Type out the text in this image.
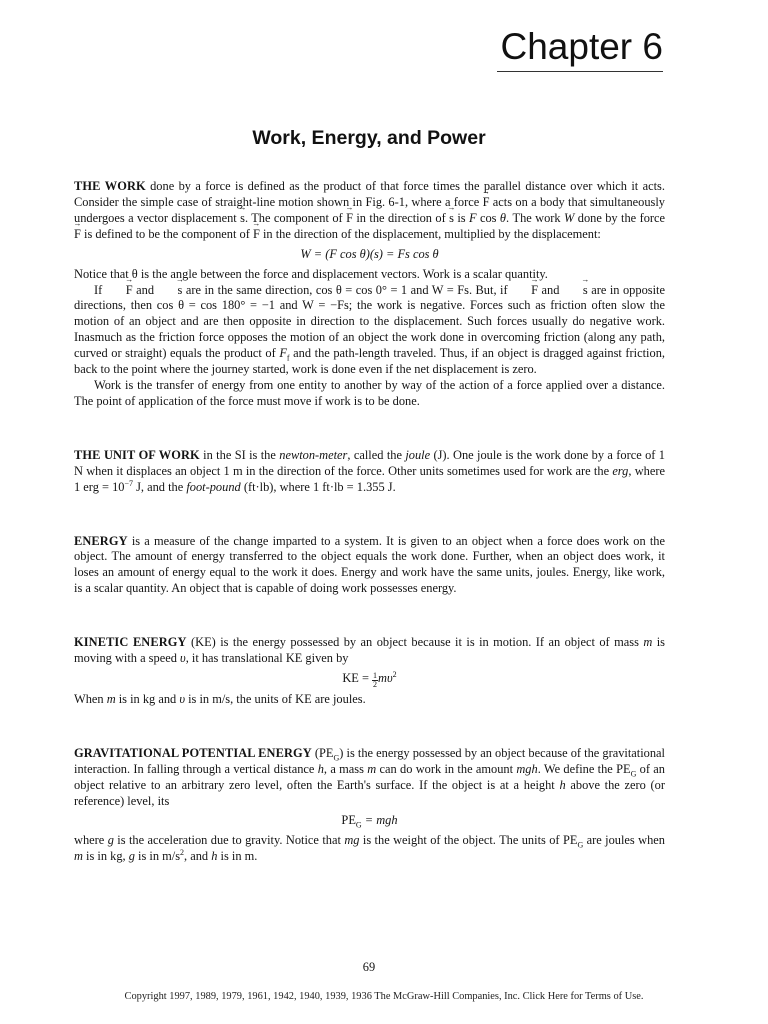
Chapter 6
Work, Energy, and Power

THE WORK done by a force is defined as the product of that force times the parallel distance over which it acts. Consider the simple case of straight-line motion shown in Fig. 6-1, where a force → F acts on a body that simultaneously undergoes a vector displacement → s. The component of → F in the direction of → s is F cos θ. The work W done by the force → F is defined to be the component of → F in the direction of the displacement, multiplied by the displacement:

W = (F cos θ)(s) = Fs cos θ

Notice that θ is the angle between the force and displacement vectors. Work is a scalar quantity.

If → F and → s are in the same direction, cos θ = cos 0° = 1 and W = Fs. But, if → F and → s are in opposite directions, then cos θ = cos 180° = −1 and W = −Fs; the work is negative. Forces such as friction often slow the motion of an object and are then opposite in direction to the displacement. Such forces usually do negative work. Inasmuch as the friction force opposes the motion of an object the work done in overcoming friction (along any path, curved or straight) equals the product of $F_f$ and the path-length traveled. Thus, if an object is dragged against friction, back to the point where the journey started, work is done even if the net displacement is zero.

Work is the transfer of energy from one entity to another by way of the action of a force applied over a distance. The point of application of the force must move if work is to be done.

THE UNIT OF WORK in the SI is the newton-meter, called the joule (J). One joule is the work done by a force of 1 N when it displaces an object 1 m in the direction of the force. Other units sometimes used for work are the erg, where 1 erg = $10^{-7}$ J, and the foot-pound (ft·lb), where 1 ft·lb = 1.355 J.

ENERGY is a measure of the change imparted to a system. It is given to an object when a force does work on the object. The amount of energy transferred to the object equals the work done. Further, when an object does work, it loses an amount of energy equal to the work it does. Energy and work have the same units, joules. Energy, like work, is a scalar quantity. An object that is capable of doing work possesses energy.

KINETIC ENERGY (KE) is the energy possessed by an object because it is in motion. If an object of mass m is moving with a speed υ, it has translational KE given by

KE = $\frac{1}{2} m\upsilon^2$

When m is in kg and υ is in m/s, the units of KE are joules.

GRAVITATIONAL POTENTIAL ENERGY $(PE_G)$ is the energy possessed by an object because of the gravitational interaction. In falling through a vertical distance h, a mass m can do work in the amount mgh. We define the $PE_G$ of an object relative to an arbitrary zero level, often the Earth's surface. If the object is at a height h above the zero (or reference) level, its

$PE_G$ = mgh

where g is the acceleration due to gravity. Notice that mg is the weight of the object. The units of $PE_G$ are joules when m is in kg, g is in $m/s^2$, and h is in m.

69
Copyright 1997, 1989, 1979, 1961, 1942, 1940, 1939, 1936 The McGraw-Hill Companies, Inc. Click Here for Terms of Use.
